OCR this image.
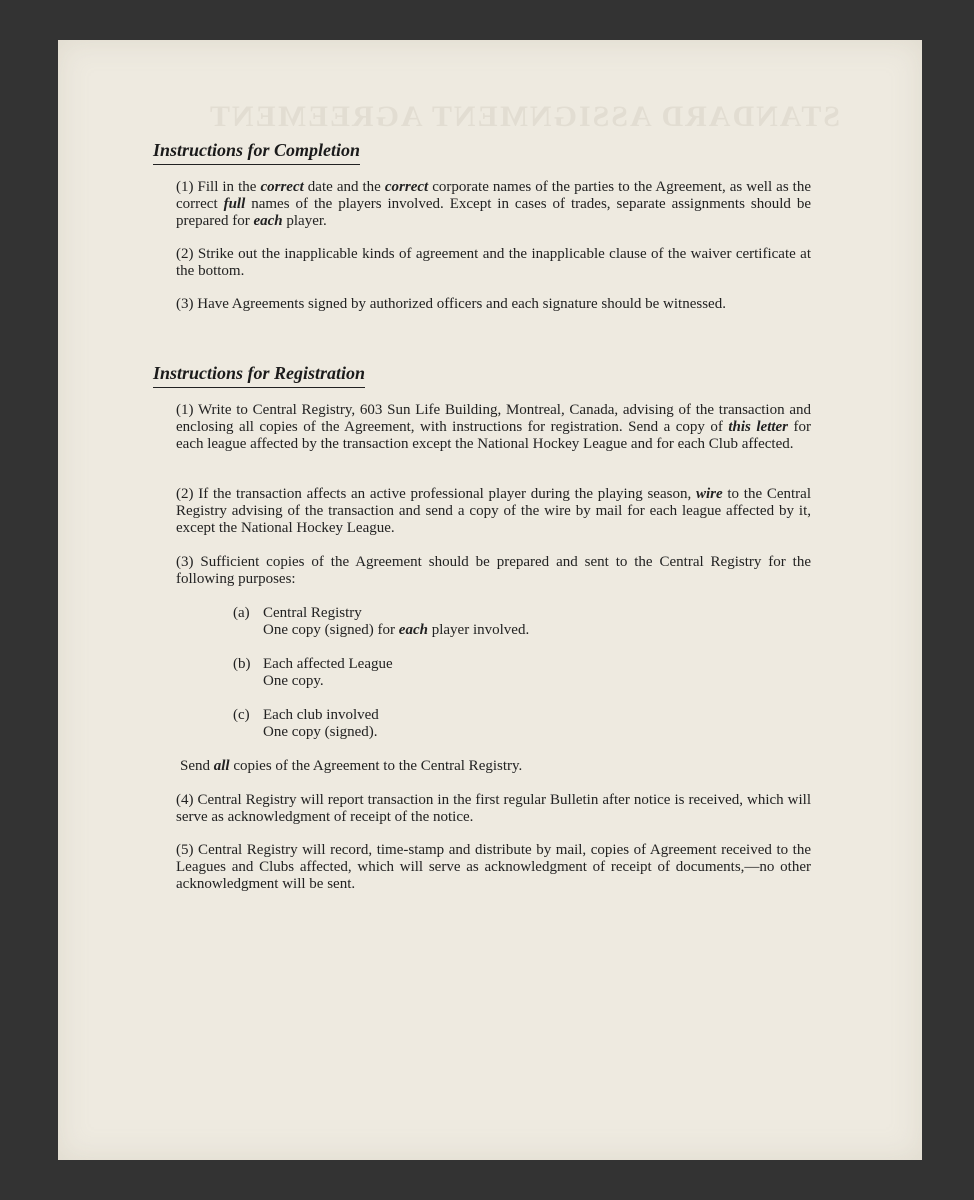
STANDARD ASSIGNMENT AGREEMENT
Instructions for Completion

(1) Fill in the correct date and the correct corporate names of the parties to the Agreement, as well as the correct full names of the players involved. Except in cases of trades, separate assignments should be prepared for each player.

(2) Strike out the inapplicable kinds of agreement and the inapplicable clause of the waiver certificate at the bottom.

(3) Have Agreements signed by authorized officers and each signature should be witnessed.

Instructions for Registration

(1) Write to Central Registry, 603 Sun Life Building, Montreal, Canada, advising of the transaction and enclosing all copies of the Agreement, with instructions for registration. Send a copy of this letter for each league affected by the transaction except the National Hockey League and for each Club affected.

(2) If the transaction affects an active professional player during the playing season, wire to the Central Registry advising of the transaction and send a copy of the wire by mail for each league affected by it, except the National Hockey League.

(3) Sufficient copies of the Agreement should be prepared and sent to the Central Registry for the following purposes:

(a) Central Registry
One copy (signed) for each player involved.
(b) Each affected League
One copy.
(c) Each club involved
One copy (signed).

Send all copies of the Agreement to the Central Registry.

(4) Central Registry will report transaction in the first regular Bulletin after notice is received, which will serve as acknowledgment of receipt of the notice.

(5) Central Registry will record, time-stamp and distribute by mail, copies of Agreement received to the Leagues and Clubs affected, which will serve as acknowledgment of receipt of documents,—no other acknowledgment will be sent.
